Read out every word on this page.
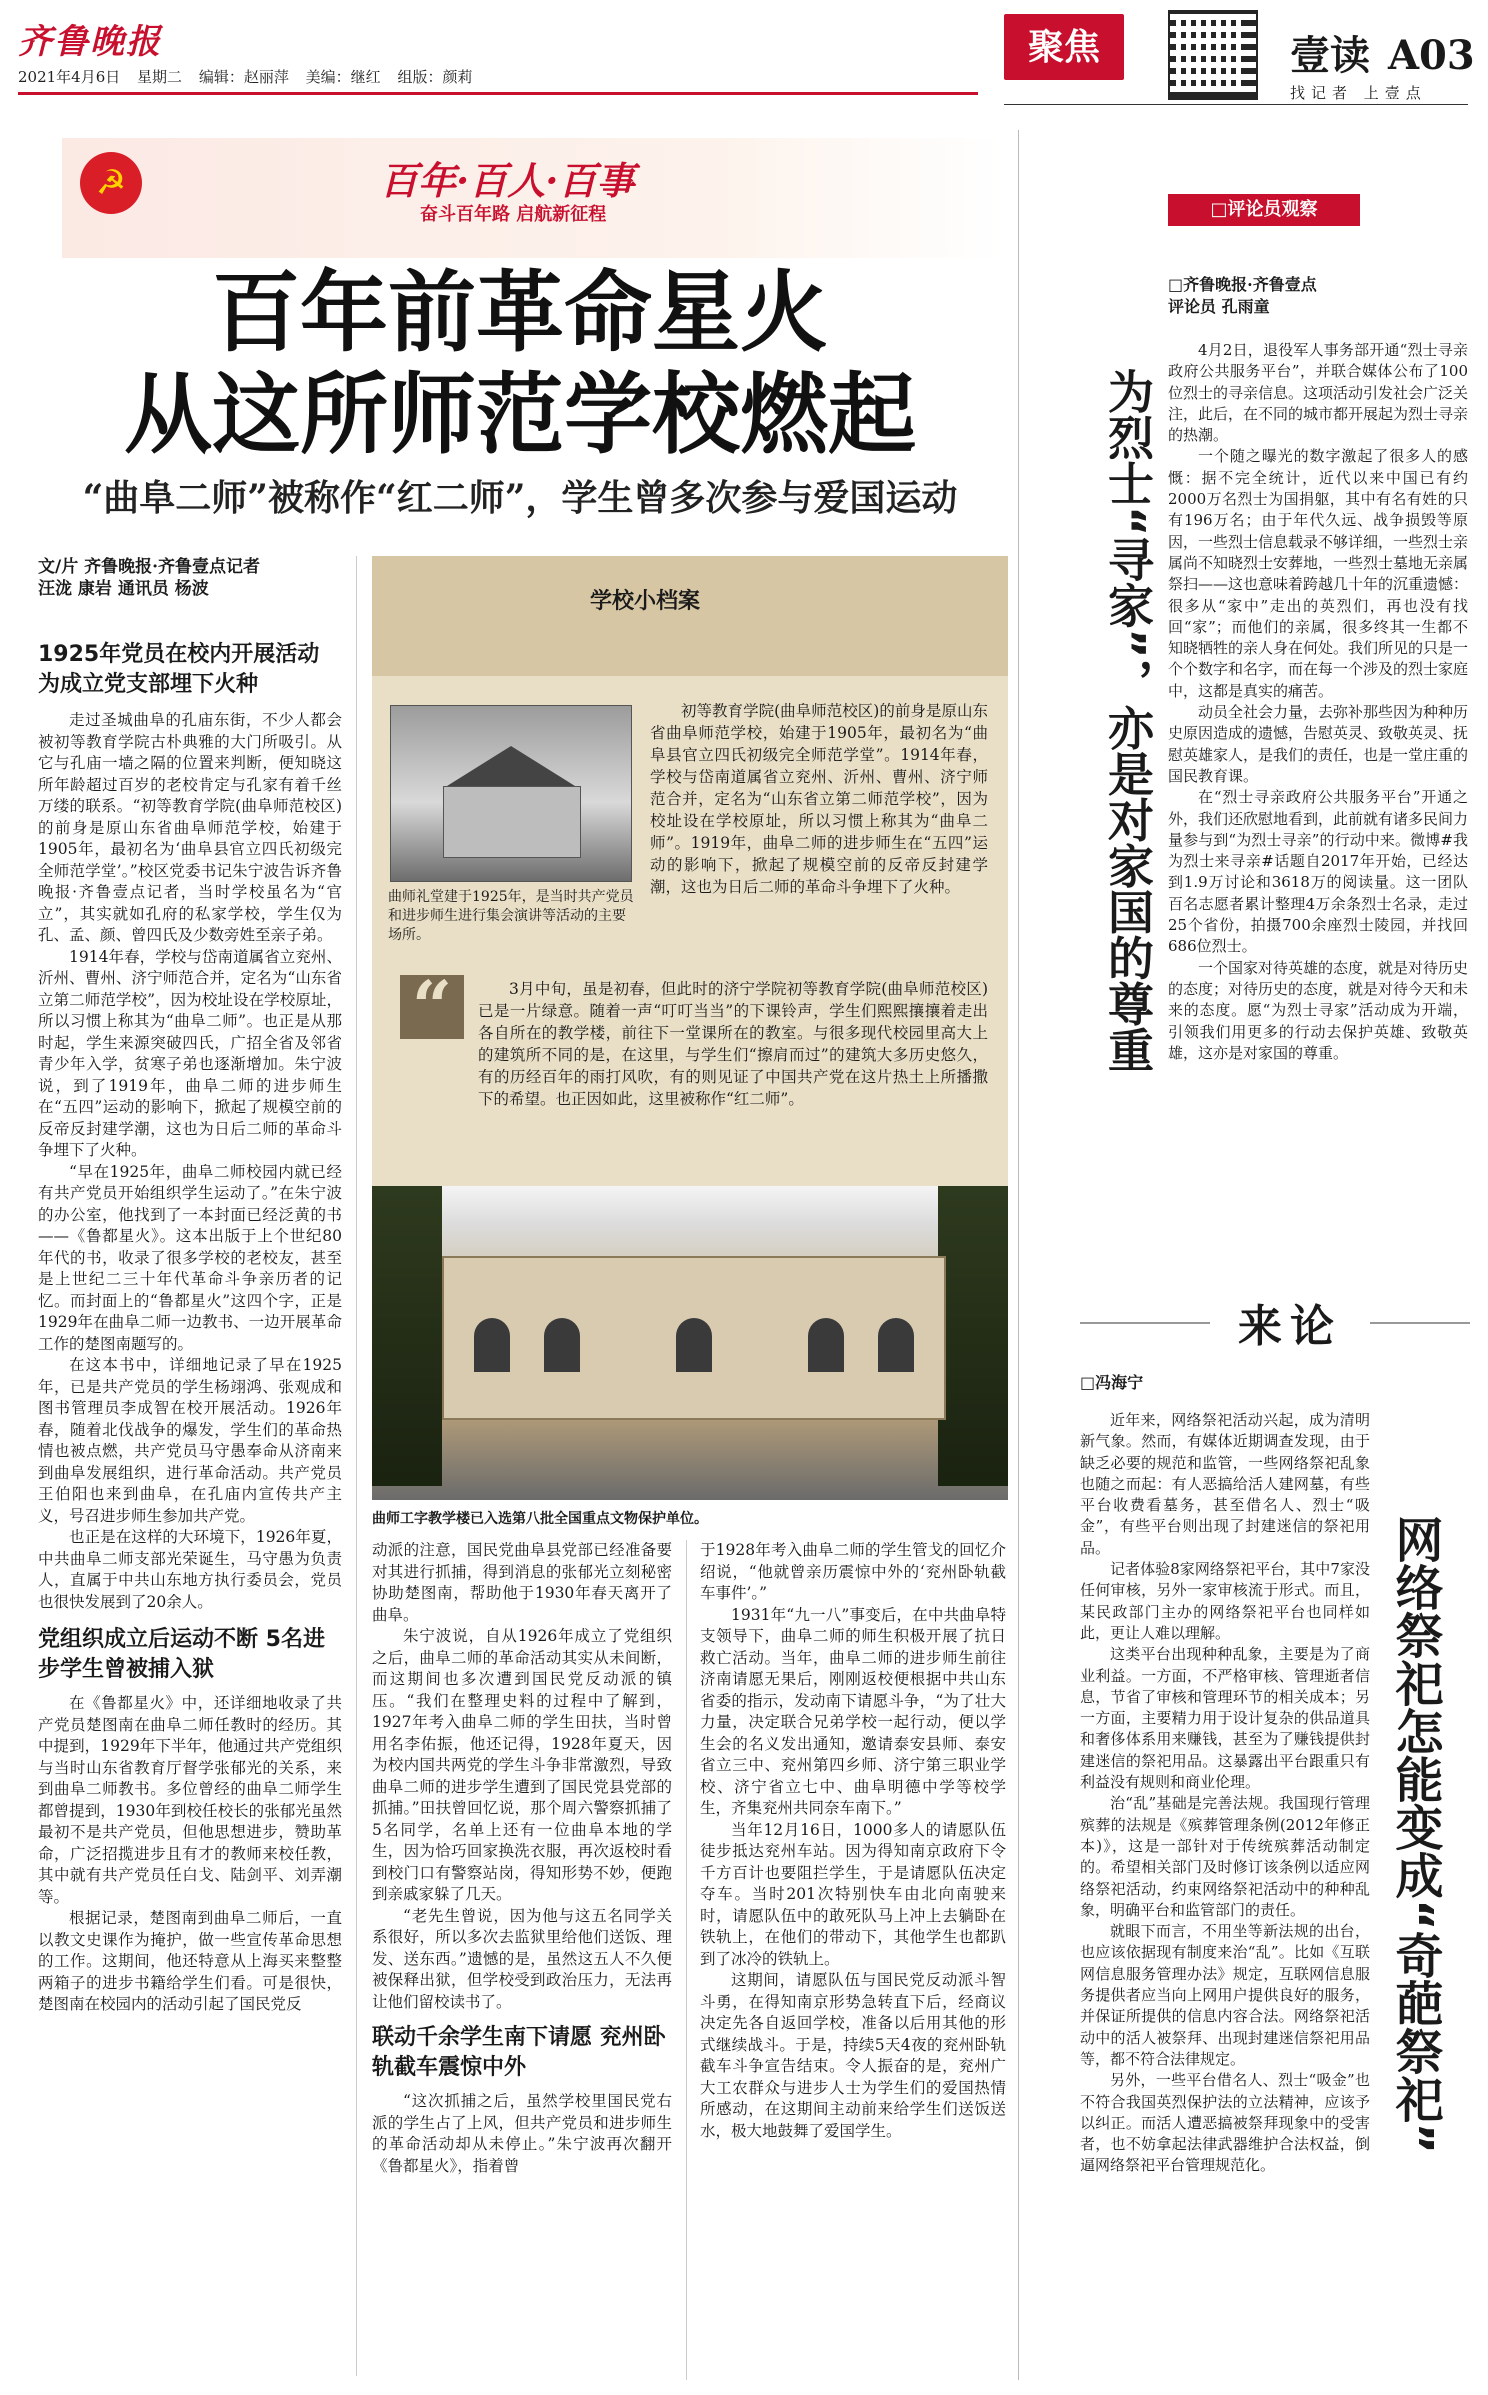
齐鲁晚报
2021年4月6日 星期二 编辑：赵丽萍 美编：继红 组版：颜莉
聚焦	壹读 A03
找记者 上壹点
☭	百年·百人·百事
奋斗百年路 启航新征程
百年前革命星火
从这所师范学校燃起
“曲阜二师”被称作“红二师”，学生曾多次参与爱国运动
文/片 齐鲁晚报·齐鲁壹点记者
汪泷 康岩 通讯员 杨波
1925年党员在校内开展活动 为成立党支部埋下火种

走过圣城曲阜的孔庙东街，不少人都会被初等教育学院古朴典雅的大门所吸引。从它与孔庙一墙之隔的位置来判断，便知晓这所年龄超过百岁的老校肯定与孔家有着千丝万缕的联系。“初等教育学院(曲阜师范校区)的前身是原山东省曲阜师范学校，始建于1905年，最初名为‘曲阜县官立四氏初级完全师范学堂’。”校区党委书记朱宁波告诉齐鲁晚报·齐鲁壹点记者，当时学校虽名为“官立”，其实就如孔府的私家学校，学生仅为孔、孟、颜、曾四氏及少数旁姓至亲子弟。

1914年春，学校与岱南道属省立兖州、沂州、曹州、济宁师范合并，定名为“山东省立第二师范学校”，因为校址设在学校原址，所以习惯上称其为“曲阜二师”。也正是从那时起，学生来源突破四氏，广招全省及邻省青少年入学，贫寒子弟也逐渐增加。朱宁波说，到了1919年，曲阜二师的进步师生在“五四”运动的影响下，掀起了规模空前的反帝反封建学潮，这也为日后二师的革命斗争埋下了火种。

“早在1925年，曲阜二师校园内就已经有共产党员开始组织学生运动了。”在朱宁波的办公室，他找到了一本封面已经泛黄的书——《鲁都星火》。这本出版于上个世纪80年代的书，收录了很多学校的老校友，甚至是上世纪二三十年代革命斗争亲历者的记忆。而封面上的“鲁都星火”这四个字，正是1929年在曲阜二师一边教书、一边开展革命工作的楚图南题写的。

在这本书中，详细地记录了早在1925年，已是共产党员的学生杨翊鸿、张观成和图书管理员李成智在校开展活动。1926年春，随着北伐战争的爆发，学生们的革命热情也被点燃，共产党员马守愚奉命从济南来到曲阜发展组织，进行革命活动。共产党员王伯阳也来到曲阜，在孔庙内宣传共产主义，号召进步师生参加共产党。

也正是在这样的大环境下，1926年夏，中共曲阜二师支部光荣诞生，马守愚为负责人，直属于中共山东地方执行委员会，党员也很快发展到了20余人。

党组织成立后运动不断 5名进步学生曾被捕入狱

在《鲁都星火》中，还详细地收录了共产党员楚图南在曲阜二师任教时的经历。其中提到，1929年下半年，他通过共产党组织与当时山东省教育厅督学张郁光的关系，来到曲阜二师教书。多位曾经的曲阜二师学生都曾提到，1930年到校任校长的张郁光虽然最初不是共产党员，但他思想进步，赞助革命，广泛招揽进步且有才的教师来校任教，其中就有共产党员任白戈、陆剑平、刘弄潮等。

根据记录，楚图南到曲阜二师后，一直以教文史课作为掩护，做一些宣传革命思想的工作。这期间，他还特意从上海买来整整两箱子的进步书籍给学生们看。可是很快，楚图南在校园内的活动引起了国民党反

学校小档案
曲师礼堂建于1925年，是当时共产党员和进步师生进行集会演讲等活动的主要场所。
初等教育学院(曲阜师范校区)的前身是原山东省曲阜师范学校，始建于1905年，最初名为“曲阜县官立四氏初级完全师范学堂”。1914年春，学校与岱南道属省立兖州、沂州、曹州、济宁师范合并，定名为“山东省立第二师范学校”，因为校址设在学校原址，所以习惯上称其为“曲阜二师”。1919年，曲阜二师的进步师生在“五四”运动的影响下，掀起了规模空前的反帝反封建学潮，这也为日后二师的革命斗争埋下了火种。
“	3月中旬，虽是初春，但此时的济宁学院初等教育学院(曲阜师范校区)已是一片绿意。随着一声“叮叮当当”的下课铃声，学生们熙熙攘攘着走出各自所在的教学楼，前往下一堂课所在的教室。与很多现代校园里高大上的建筑所不同的是，在这里，与学生们“擦肩而过”的建筑大多历史悠久，有的历经百年的雨打风吹，有的则见证了中国共产党在这片热土上所播撒下的希望。也正因如此，这里被称作“红二师”。
曲师工字教学楼已入选第八批全国重点文物保护单位。

动派的注意，国民党曲阜县党部已经准备要对其进行抓捕，得到消息的张郁光立刻秘密协助楚图南，帮助他于1930年春天离开了曲阜。

朱宁波说，自从1926年成立了党组织之后，曲阜二师的革命活动其实从未间断，而这期间也多次遭到国民党反动派的镇压。“我们在整理史料的过程中了解到，1927年考入曲阜二师的学生田扶，当时曾用名李佑振，他还记得，1928年夏天，因为校内国共两党的学生斗争非常激烈，导致曲阜二师的进步学生遭到了国民党县党部的抓捕。”田扶曾回忆说，那个周六警察抓捕了5名同学，名单上还有一位曲阜本地的学生，因为恰巧回家换洗衣服，再次返校时看到校门口有警察站岗，得知形势不妙，便跑到亲戚家躲了几天。

“老先生曾说，因为他与这五名同学关系很好，所以多次去监狱里给他们送饭、理发、送东西。”遗憾的是，虽然这五人不久便被保释出狱，但学校受到政治压力，无法再让他们留校读书了。

联动千余学生南下请愿 兖州卧轨截车震惊中外

“这次抓捕之后，虽然学校里国民党右派的学生占了上风，但共产党员和进步师生的革命活动却从未停止。”朱宁波再次翻开《鲁都星火》，指着曾

于1928年考入曲阜二师的学生管戈的回忆介绍说，“他就曾亲历震惊中外的‘兖州卧轨截车事件’。”

1931年“九一八”事变后，在中共曲阜特支领导下，曲阜二师的师生积极开展了抗日救亡活动。当年，曲阜二师的进步师生前往济南请愿无果后，刚刚返校便根据中共山东省委的指示，发动南下请愿斗争，“为了壮大力量，决定联合兄弟学校一起行动，便以学生会的名义发出通知，邀请泰安县师、泰安省立三中、兖州第四乡师、济宁第三职业学校、济宁省立七中、曲阜明德中学等校学生，齐集兖州共同奈车南下。”

当年12月16日，1000多人的请愿队伍徒步抵达兖州车站。因为得知南京政府下令千方百计也要阻拦学生，于是请愿队伍决定夺车。当时201次特别快车由北向南驶来时，请愿队伍中的敢死队马上冲上去躺卧在铁轨上，在他们的带动下，其他学生也都趴到了冰冷的铁轨上。

这期间，请愿队伍与国民党反动派斗智斗勇，在得知南京形势急转直下后，经商议决定先各自返回学校，准备以后用其他的形式继续战斗。于是，持续5天4夜的兖州卧轨截车斗争宣告结束。令人振奋的是，兖州广大工农群众与进步人士为学生们的爱国热情所感动，在这期间主动前来给学生们送饭送水，极大地鼓舞了爱国学生。

□评论员观察
□齐鲁晚报·齐鲁壹点
评论员 孔雨童
为烈士“寻家”，亦是对家国的尊重

4月2日，退役军人事务部开通“烈士寻亲政府公共服务平台”，并联合媒体公布了100位烈士的寻亲信息。这项活动引发社会广泛关注，此后，在不同的城市都开展起为烈士寻亲的热潮。

一个随之曝光的数字激起了很多人的感慨：据不完全统计，近代以来中国已有约2000万名烈士为国捐躯，其中有名有姓的只有196万名；由于年代久远、战争损毁等原因，一些烈士信息载录不够详细，一些烈士亲属尚不知晓烈士安葬地，一些烈士墓地无亲属祭扫——这也意味着跨越几十年的沉重遗憾：很多从“家中”走出的英烈们，再也没有找回“家”；而他们的亲属，很多终其一生都不知晓牺牲的亲人身在何处。我们所见的只是一个个数字和名字，而在每一个涉及的烈士家庭中，这都是真实的痛苦。

动员全社会力量，去弥补那些因为种种历史原因造成的遗憾，告慰英灵、致敬英灵、抚慰英雄家人，是我们的责任，也是一堂庄重的国民教育课。

在“烈士寻亲政府公共服务平台”开通之外，我们还欣慰地看到，此前就有诸多民间力量参与到“为烈士寻亲”的行动中来。微博#我为烈士来寻亲#话题自2017年开始，已经达到1.9万讨论和3618万的阅读量。这一团队百名志愿者累计整理4万余条烈士名录，走过25个省份，拍摄700余座烈士陵园，并找回686位烈士。

一个国家对待英雄的态度，就是对待历史的态度；对待历史的态度，就是对待今天和未来的态度。愿“为烈士寻家”活动成为开端，引领我们用更多的行动去保护英雄、致敬英雄，这亦是对家国的尊重。

来论
□冯海宁
网络祭祀怎能变成“奇葩祭祀”

近年来，网络祭祀活动兴起，成为清明新气象。然而，有媒体近期调查发现，由于缺乏必要的规范和监管，一些网络祭祀乱象也随之而起：有人恶搞给活人建网墓，有些平台收费看墓务，甚至借名人、烈士“吸金”，有些平台则出现了封建迷信的祭祀用品。

记者体验8家网络祭祀平台，其中7家没任何审核，另外一家审核流于形式。而且，某民政部门主办的网络祭祀平台也同样如此，更让人难以理解。

这类平台出现种种乱象，主要是为了商业利益。一方面，不严格审核、管理逝者信息，节省了审核和管理环节的相关成本；另一方面，主要精力用于设计复杂的供品道具和奢侈体系用来赚钱，甚至为了赚钱提供封建迷信的祭祀用品。这暴露出平台跟重只有利益没有规则和商业伦理。

治“乱”基础是完善法规。我国现行管理殡葬的法规是《殡葬管理条例(2012年修正本)》，这是一部针对于传统殡葬活动制定的。希望相关部门及时修订该条例以适应网络祭祀活动，约束网络祭祀活动中的种种乱象，明确平台和监管部门的责任。

就眼下而言，不用坐等新法规的出台，也应该依据现有制度来治“乱”。比如《互联网信息服务管理办法》规定，互联网信息服务提供者应当向上网用户提供良好的服务，并保证所提供的信息内容合法。网络祭祀活动中的活人被祭拜、出现封建迷信祭祀用品等，都不符合法律规定。

另外，一些平台借名人、烈士“吸金”也不符合我国英烈保护法的立法精神，应该予以纠正。而活人遭恶搞被祭拜现象中的受害者，也不妨拿起法律武器维护合法权益，倒逼网络祭祀平台管理规范化。
